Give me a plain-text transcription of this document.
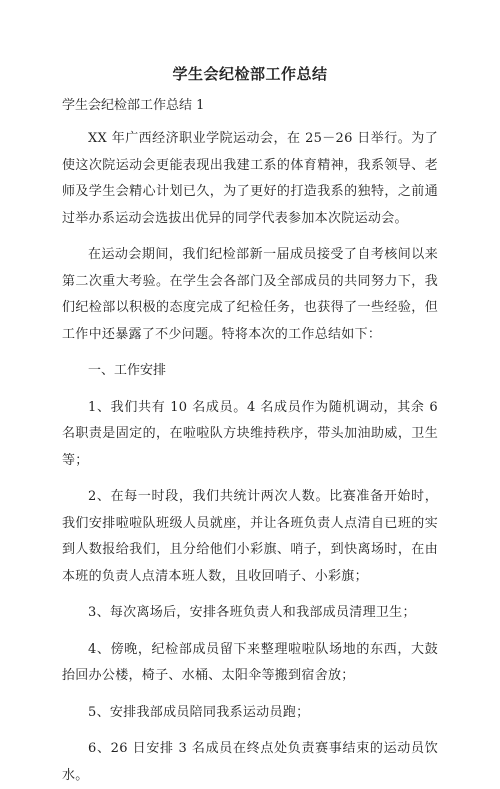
学生会纪检部工作总结
学生会纪检部工作总结 1

XX 年广西经济职业学院运动会，在 25－26 日举行。为了使这次院运动会更能表现出我建工系的体育精神，我系领导、老师及学生会精心计划已久，为了更好的打造我系的独特，之前通过举办系运动会选拔出优异的同学代表参加本次院运动会。

在运动会期间，我们纪检部新一届成员接受了自考核间以来第二次重大考验。在学生会各部门及全部成员的共同努力下，我们纪检部以积极的态度完成了纪检任务，也获得了一些经验，但工作中还暴露了不少问题。特将本次的工作总结如下：

一、工作安排

1、我们共有 10 名成员。4 名成员作为随机调动，其余 6 名职责是固定的，在啦啦队方块维持秩序，带头加油助威，卫生等；

2、在每一时段，我们共统计两次人数。比赛准备开始时，我们安排啦啦队班级人员就座，并让各班负责人点清自已班的实到人数报给我们，且分给他们小彩旗、哨子，到快离场时，在由本班的负责人点清本班人数，且收回哨子、小彩旗；

3、每次离场后，安排各班负责人和我部成员清理卫生；

4、傍晚，纪检部成员留下来整理啦啦队场地的东西，大鼓抬回办公楼，椅子、水桶、太阳伞等搬到宿舍放；

5、安排我部成员陪同我系运动员跑；

6、26 日安排 3 名成员在终点处负责赛事结束的运动员饮水。
